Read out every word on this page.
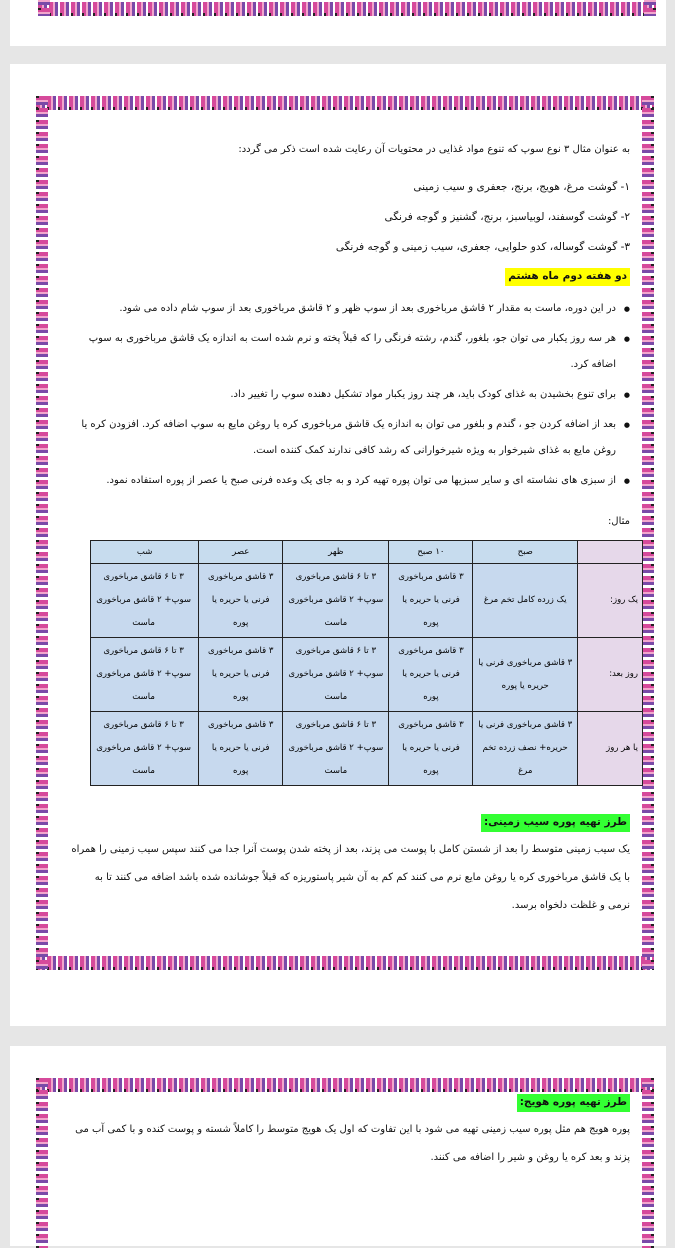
به عنوان مثال ۳ نوع سوپ که تنوع مواد غذایی در محتویات آن رعایت شده است ذکر می گردد:

۱- گوشت مرغ، هویج، برنج، جعفری و سیب زمینی

۲- گوشت گوسفند، لوبیاسبز، برنج، گشنیز و گوجه فرنگی

۳- گوشت گوساله، کدو حلوایی، جعفری، سیب زمینی و گوجه فرنگی

دو هفته دوم ماه هشتم
● در این دوره، ماست به مقدار ۲ قاشق مرباخوری بعد از سوپ ظهر و ۲ قاشق مرباخوری بعد از سوپ شام داده می شود.
● هر سه روز یکبار می توان جو، بلغور، گندم، رشته فرنگی را که قبلاً پخته و نرم شده است به اندازه یک قاشق مرباخوری به سوپ اضافه کرد.
● برای تنوع بخشیدن به غذای کودک باید، هر چند روز یکبار مواد تشکیل دهنده سوپ را تغییر داد.
● بعد از اضافه کردن جو ، گندم و بلغور می توان به اندازه یک قاشق مرباخوری کره یا روغن مایع به سوپ اضافه کرد. افزودن کره یا روغن مایع به غذای شیرخوار به ویژه شیرخوارانی که رشد کافی ندارند کمک کننده است.
● از سبزی های نشاسته ای و سایر سبزیها می توان پوره تهیه کرد و به جای یک وعده فرنی صبح یا عصر از پوره استفاده نمود.

مثال:

	صبح	۱۰ صبح	ظهر	عصر	شب
یک روز:	یک زرده کامل تخم مرغ	۳ قاشق مرباخوری فرنی یا حریره یا پوره	۳ تا ۶ قاشق مرباخوری سوپ+ ۲ قاشق مرباخوری ماست	۳ قاشق مرباخوری فرنی یا حریره یا پوره	۳ تا ۶ قاشق مرباخوری سوپ+ ۲ قاشق مرباخوری ماست
روز بعد:	۳ قاشق مرباخوری فرنی یا حریره یا پوره	۳ قاشق مرباخوری فرنی یا حریره یا پوره	۳ تا ۶ قاشق مرباخوری سوپ+ ۲ قاشق مرباخوری ماست	۳ قاشق مرباخوری فرنی یا حریره یا پوره	۳ تا ۶ قاشق مرباخوری سوپ+ ۲ قاشق مرباخوری ماست
یا هر روز	۳ قاشق مرباخوری فرنی یا حریره+ نصف زرده تخم مرغ	۳ قاشق مرباخوری فرنی یا حریره یا پوره	۳ تا ۶ قاشق مرباخوری سوپ+ ۲ قاشق مرباخوری ماست	۳ قاشق مرباخوری فرنی یا حریره یا پوره	۳ تا ۶ قاشق مرباخوری سوپ+ ۲ قاشق مرباخوری ماست
طرز تهیه پوره سیب زمینی:

یک سیب زمینی متوسط را بعد از شستن کامل با پوست می پزند، بعد از پخته شدن پوست آنرا جدا می کنند سپس سیب زمینی را همراه با یک قاشق مرباخوری کره یا روغن مایع نرم می کنند کم کم به آن شیر پاستوریزه که قبلاً جوشانده شده باشد اضافه می کنند تا به نرمی و غلظت دلخواه برسد.

طرز تهیه پوره هویج:

پوره هویج هم مثل پوره سیب زمینی تهیه می شود با این تفاوت که اول یک هویج متوسط را کاملاً شسته و پوست کنده و با کمی آب می پزند و بعد کره یا روغن و شیر را اضافه می کنند.
